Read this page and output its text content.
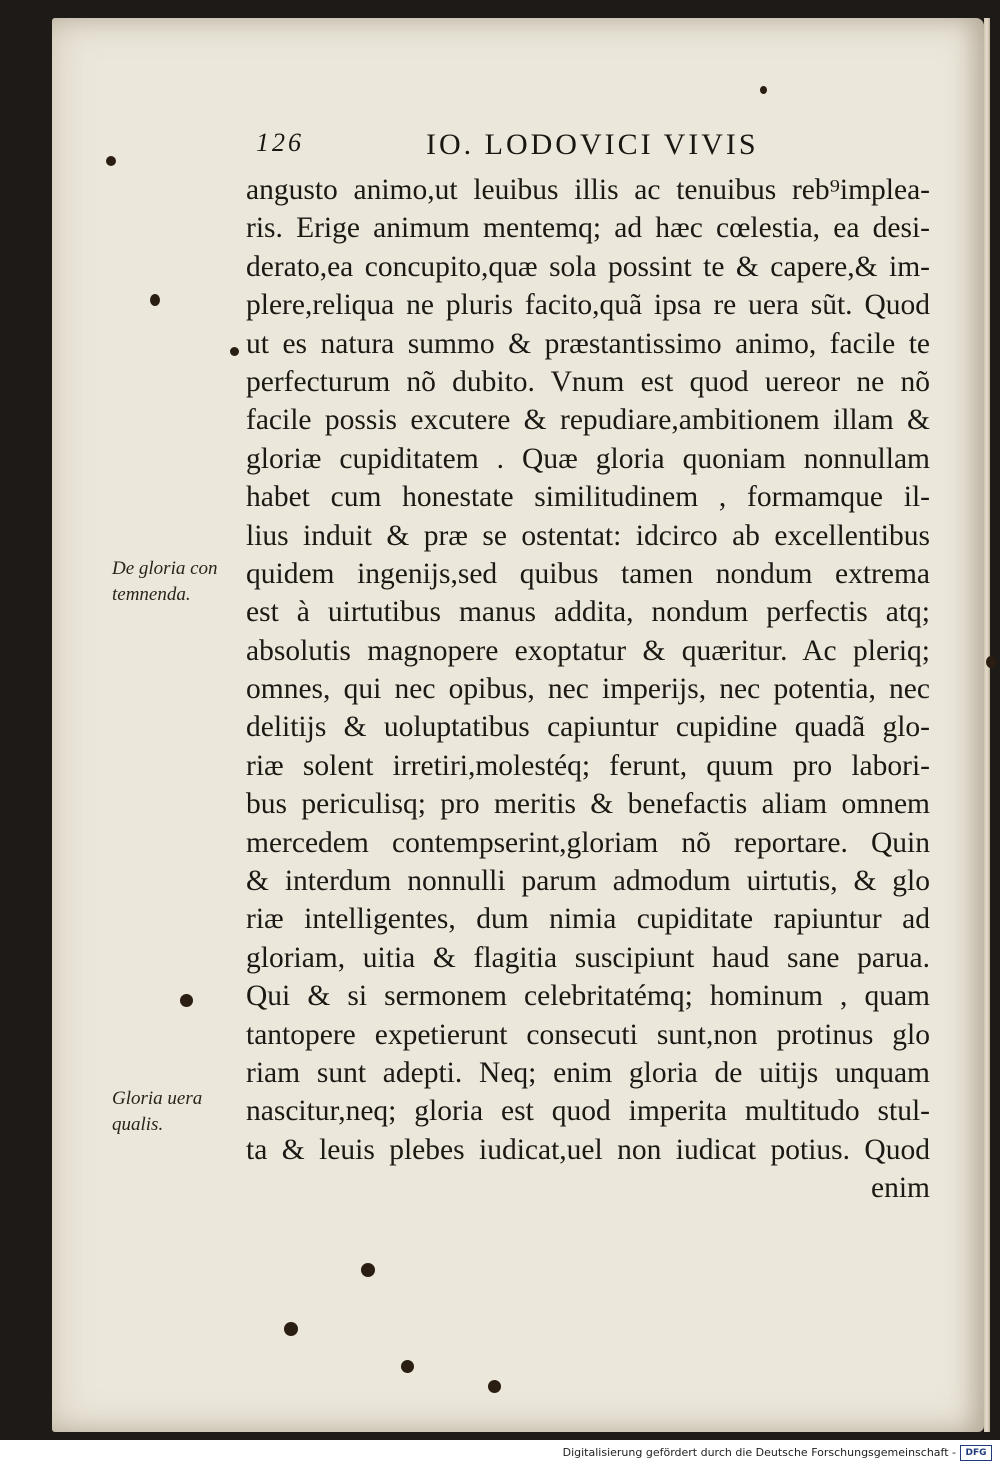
126	IO. LODOVICI VIVIS
angusto animo,ut leuibus illis ac tenuibus reb⁹implea-
ris. Erige animum mentemq; ad hæc cœlestia, ea desi-
derato,ea concupito,quæ sola possint te & capere,& im-
plere,reliqua ne pluris facito,quã ipsa re uera sũt. Quod
ut es natura summo & præstantissimo animo, facile te
perfecturum nõ dubito. Vnum est quod uereor ne nõ
facile possis excutere & repudiare,ambitionem illam &
gloriæ cupiditatem . Quæ gloria quoniam nonnullam
habet cum honestate similitudinem , formamque il-
lius induit & præ se ostentat: idcirco ab excellentibus
quidem ingenijs,sed quibus tamen nondum extrema
est à uirtutibus manus addita, nondum perfectis atq;
absolutis magnopere exoptatur & quæritur. Ac pleriq;
omnes, qui nec opibus, nec imperijs, nec potentia, nec
delitijs & uoluptatibus capiuntur cupidine quadã glo-
riæ solent irretiri,molestéq; ferunt, quum pro labori-
bus periculisq; pro meritis & benefactis aliam omnem
mercedem contempserint,gloriam nõ reportare. Quin
& interdum nonnulli parum admodum uirtutis, & glo
riæ intelligentes, dum nimia cupiditate rapiuntur ad
gloriam, uitia & flagitia suscipiunt haud sane parua.
Qui & si sermonem celebritatémq; hominum , quam
tantopere expetierunt consecuti sunt,non protinus glo
riam sunt adepti. Neq; enim gloria de uitijs unquam
nascitur,neq; gloria est quod imperita multitudo stul-
ta & leuis plebes iudicat,uel non iudicat potius. Quod
enim
De gloria con
temnenda.
Gloria uera
qualis.
Digitalisierung gefördert durch die Deutsche Forschungsgemeinschaft -	DFG
